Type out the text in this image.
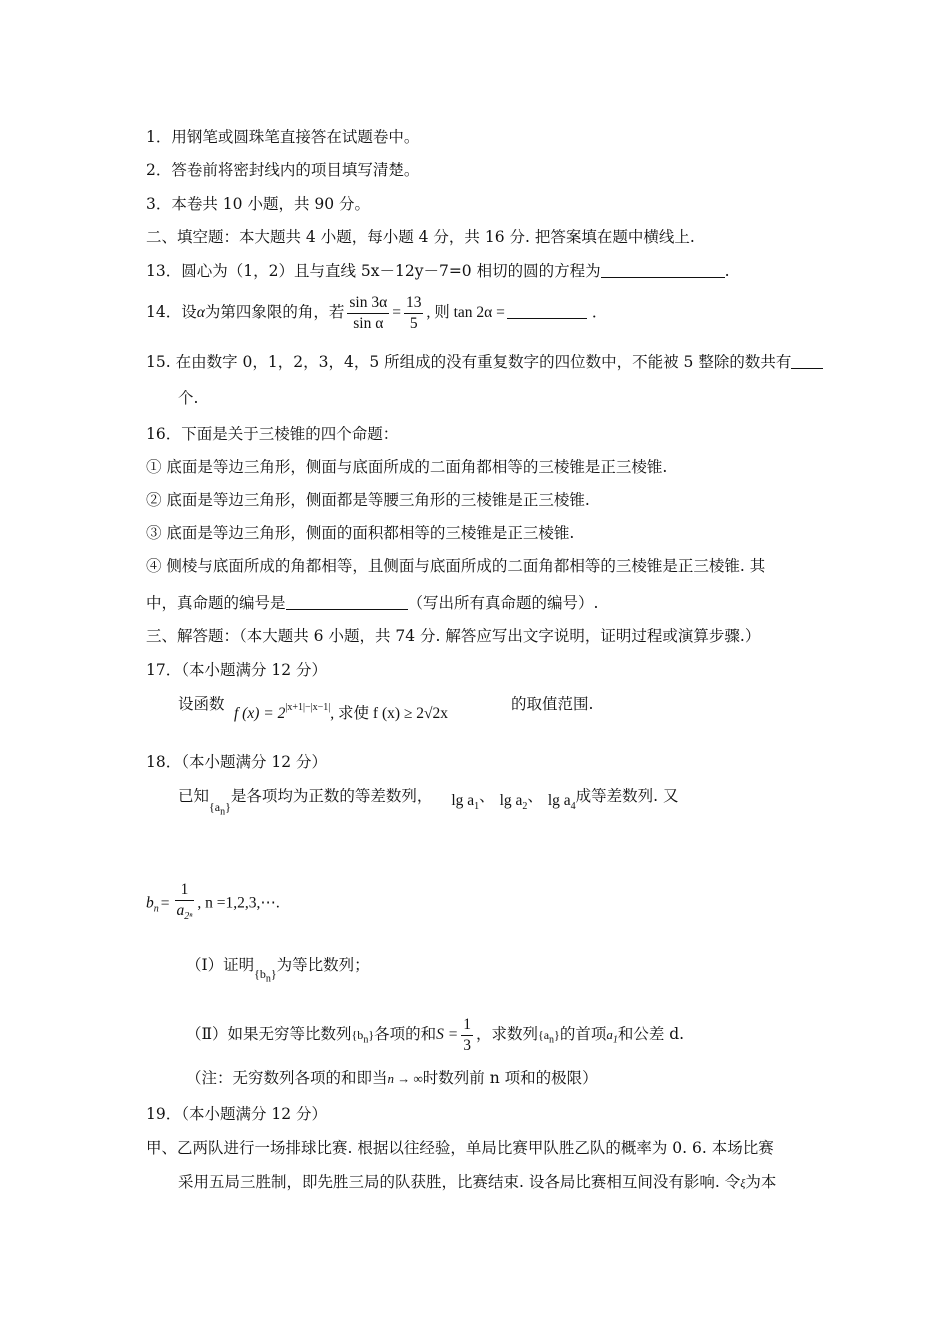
1．用钢笔或圆珠笔直接答在试题卷中。
2．答卷前将密封线内的项目填写清楚。
3．本卷共 10 小题，共 90 分。
二、填空题：本大题共 4 小题，每小题 4 分，共 16 分. 把答案填在题中横线上.
13．圆心为（1，2）且与直线 5x－12y－7=0 相切的圆的方程为	.
14．设α为第四象限的角，若 $\frac{\sin 3\alpha}{\text{sin α}} = \frac{13}{5}$ , 则 tan 2α =	．
15. 在由数字 0，1，2，3，4，5 所组成的没有重复数字的四位数中，不能被 5 整除的数共有
个.
16．下面是关于三棱锥的四个命题：
① 底面是等边三角形，侧面与底面所成的二面角都相等的三棱锥是正三棱锥.
② 底面是等边三角形，侧面都是等腰三角形的三棱锥是正三棱锥.
③ 底面是等边三角形，侧面的面积都相等的三棱锥是正三棱锥.
④ 侧棱与底面所成的角都相等，且侧面与底面所成的二面角都相等的三棱锥是正三棱锥. 其
中，真命题的编号是	（写出所有真命题的编号）.
三、解答题：（本大题共 6 小题，共 74 分. 解答应写出文字说明，证明过程或演算步骤.）
17．（本小题满分 12 分）
设函数
f $(x) = 2^{|x+1|-|x-1|}$, 求使 f (x) ≥ 2√2x
的取值范围.
18．（本小题满分 12 分）
已知$_{\{a_n\}}$是各项均为正数的等差数列， $\lg a_1$、 $\lg a_2$、 $\lg a_4$成等差数列. 又
$b_n = \frac{1}{a_{2^n}}$ , n =1,2,3,⋯.
（Ⅰ）证明$_{\{b_n\}}$为等比数列；
（Ⅱ）如果无穷等比数列$\{b_n\}$各项的和$S = \frac{1}{3}$ ，求数列$\{a_n\}$的首项$a_1$和公差 d.
（注：无穷数列各项的和即当n → ∞时数列前 n 项和的极限）
19．（本小题满分 12 分）
甲、乙两队进行一场排球比赛. 根据以往经验，单局比赛甲队胜乙队的概率为 0. 6. 本场比赛
采用五局三胜制，即先胜三局的队获胜，比赛结束. 设各局比赛相互间没有影响. 令ξ为本
